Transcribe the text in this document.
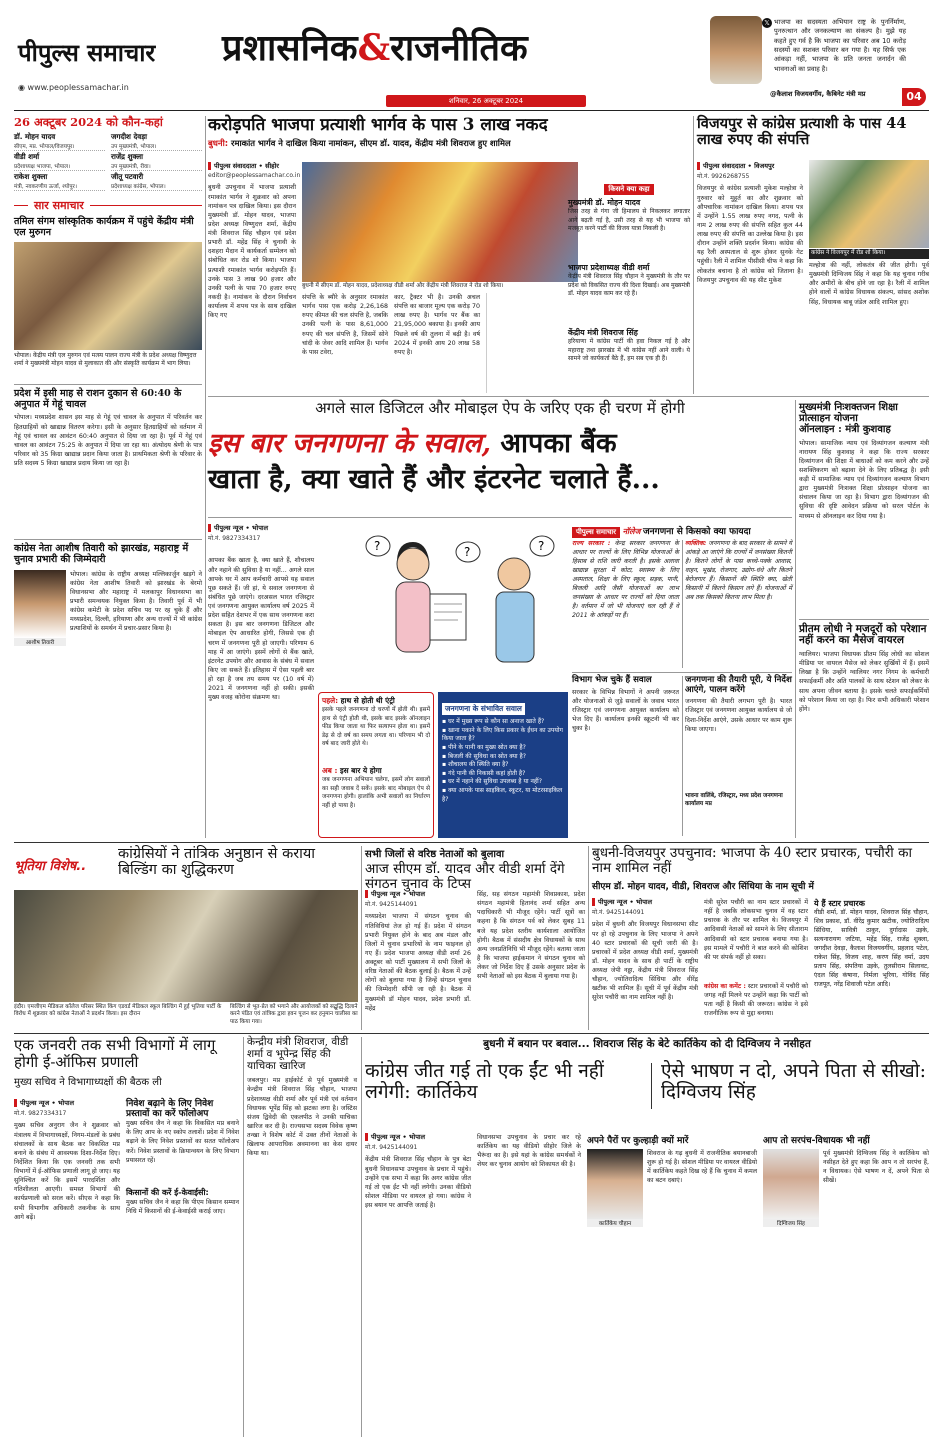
पीपुल्स समाचार
◉ www.peoplessamachar.in
प्रशासनिक&राजनीतिक
शनिवार, 26 अक्टूबर 2024
𝕏 भाजपा का सदस्यता अभियान राष्ट्र के पुनर्निर्माण, पुनरुत्थान और जनकल्याण का संकल्प है। मुझे यह कहते हुए गर्व है कि भाजपा का परिवार अब 10 करोड़ सदस्यों का सशक्त परिवार बन गया है। यह सिर्फ एक आंकड़ा नहीं, भाजपा के प्रति जनता जनार्दन की भावनाओं का प्रवाह है।
@कैलाश विजयवर्गीय, कैबिनेट मंत्री मप्र	04
26 अक्टूबर 2024 को कौन-कहां
डॉ. मोहन यादव
सीएम, मप्र. भोपाल/विजयपुर।
जगदीश देवड़ा
उप मुख्यमंत्री, भोपाल।
वीडी शर्मा
प्रदेशाध्यक्ष भाजपा, भोपाल।
राजेंद्र शुक्ला
उप मुख्यमंत्री, रीवा।
राकेश शुक्ला
मंत्री, नवकरणीय ऊर्जा, श्योपुर।
जीतू पटवारी
प्रदेशाध्यक्ष कांग्रेस, भोपाल।
सार समाचार
तमिल संगम सांस्कृतिक कार्यक्रम में पहुंचे केंद्रीय मंत्री एल मुरुगन
भोपाल। केंद्रीय मंत्री एल मुरुगन एवं मत्स्य पालन राज्य मंत्री के प्रदेश अध्यक्ष विष्णुदत्त शर्मा ने मुख्यमंत्री मोहन यादव से मुलाकात की और संस्कृति कार्यक्रम में भाग लिया।
प्रदेश में इसी माह से राशन दुकान से 60:40 के अनुपात में गेहूं चावल
भोपाल। मध्यप्रदेश शासन इस माह से गेहूं एवं चावल के अनुपात में परिवर्तन कर हितग्राहियों को खाद्यान्न वितरण करेगा। इसी के अनुसार हितग्राहियों को वर्तमान में गेहूं एवं चावल का आवंटन 60:40 अनुपात से दिया जा रहा है। पूर्व में गेहूं एवं चावल का आवंटन 75:25 के अनुपात में दिया जा रहा था। अंत्योदय श्रेणी के पात्र परिवार को 35 किग्रा खाद्यान्न प्रदान किया जाता है। प्राथमिकता श्रेणी के परिवार के प्रति सदस्य 5 किग्रा खाद्यान्न प्रदाय किया जा रहा है।
कांग्रेस नेता आशीष तिवारी को झारखंड, महाराष्ट्र में चुनाव प्रभारी की जिम्मेदारी
आशीष तिवारी
भोपाल। कांग्रेस के राष्ट्रीय अध्यक्ष मल्लिकार्जुन खड़गे ने कांग्रेस नेता आशीष तिवारी को झारखंड के बेरमो विधानसभा और महाराष्ट्र में मलकापुर विधानसभा का प्रभारी समन्वयक नियुक्त किया है। तिवारी पूर्व में भी कांग्रेस कमेटी के प्रदेश सचिव पद पर रह चुके हैं और मध्यप्रदेश, दिल्ली, हरियाणा और अन्य राज्यों में भी कांग्रेस प्रत्याशियों के समर्थन में प्रचार-प्रसार किया है।
करोड़पति भाजपा प्रत्याशी भार्गव के पास 3 लाख नकद
बुधनी: रमाकांत भार्गव ने दाखिल किया नामांकन, सीएम डॉ. यादव, केंद्रीय मंत्री शिवराज हुए शामिल
पीपुल्स संवाददाता • सीहोर
editor@peoplessamachar.co.in
बुधनी उपचुनाव में भाजपा प्रत्याशी रमाकांत भार्गव ने शुक्रवार को अपना नामांकन पत्र दाखिल किया। इस दौरान मुख्यमंत्री डॉ. मोहन यादव, भाजपा प्रदेश अध्यक्ष विष्णुदत्त शर्मा, केंद्रीय मंत्री शिवराज सिंह चौहान एवं प्रदेश प्रभारी डॉ. महेंद्र सिंह ने चुनावी के दशहरा मैदान में कार्यकर्ता सम्मेलन को संबोधित कर रोड शो किया। भाजपा प्रत्याशी रमाकांत भार्गव करोड़पति हैं। उनके पास 3 लाख 90 हजार और उनकी पत्नी के पास 70 हजार रुपए नकदी है। नामांकन के दौरान निर्वाचन कार्यालय में शपथ पत्र के साथ दाखिल किए गए
बुधनी में सीएम डॉ. मोहन यादव, प्रदेशाध्यक्ष वीडी शर्मा और केंद्रीय मंत्री शिवराज ने रोड शो किया।
संपत्ति के ब्यौरे के अनुसार रमाकांत भार्गव पास एक करोड़ 2,26,168 रुपए कीमत की चल संपत्ति है, जबकि उनकी पत्नी के पास 8,61,000 रुपए की चल संपत्ति है, जिसमें सोने चांदी के जेवर आदि शामिल हैं। भार्गव के पास टवेरा,
कार, ट्रैक्टर भी है। उनकी अचल संपत्ति का बाजार मूल्य एक करोड़ 70 लाख रुपए है। भार्गव पर बैंक का 21,95,000 बकाया है। इनकी आय पिछले वर्ष की तुलना में बढ़ी है। वर्ष 2024 में इनकी आय 20 लाख 58 रुपए है।
किसने क्या कहा
मुख्यमंत्री डॉ. मोहन यादव
जिस तरह से गंगा जी हिमालय से निकलकर लगातार आगे बढ़ती गई है, उसी तरह से यह भी भाजपा को मजबूत करने पार्टी की विजय यात्रा निकली है।
भाजपा प्रदेशाध्यक्ष वीडी शर्मा
केंद्रीय मंत्री शिवराज सिंह चौहान ने मुख्यमंत्री के तौर पर प्रदेश को विकसित राज्य की दिशा दिखाई। अब मुख्यमंत्री डॉ. मोहन यादव काम कर रहे हैं।
केंद्रीय मंत्री शिवराज सिंह
हरियाणा में कांग्रेस पार्टी की हवा निकल गई है और महाराष्ट्र तथा झारखंड में भी कांग्रेस नहीं आने वाली। ये सामने जो कार्यकर्ता बैठे हैं, हम सब एक ही हैं।
विजयपुर से कांग्रेस प्रत्याशी के पास 44 लाख रुपए की संपत्ति
पीपुल्स संवाददाता • विजयपुर
मो.नं. 9926268755
विजयपुर से कांग्रेस प्रत्याशी मुकेश मल्होत्रा ने गुरुवार को मुहूर्त का और शुक्रवार को औपचारिक नामांकन दाखिल किया। शपथ पत्र में उन्होंने 1.55 लाख रुपए नगद, पत्नी के नाम 2 लाख रुपए की संपत्ति सहित कुल 44 लाख रुपए की संपत्ति का उल्लेख किया है। इस दौरान उन्होंने शक्ति प्रदर्शन किया। कांग्रेस की यह रैली अस्पताल से शुरू होकर सुनके गेट पहुंची। रैली में शामिल पीसीसी चीफ ने कहा कि लोकतंत्र बचाना है तो कांग्रेस को जिताना है। विजयपुर उपचुनाव की यह सीट मुकेश
कांग्रेस ने विजयपुर में रोड शो किया।
मल्होत्रा की नहीं, लोकतंत्र की जीत होगी। पूर्व मुख्यमंत्री दिग्विजय सिंह ने कहा कि यह चुनाव गरीब और अमीरों के बीच होने जा रहा है। रैली में शामिल होने वालों में कांग्रेस विधायक संकल्प, सांसद अशोक सिंह, विधायक बाबू जंडेल आदि शामिल हुए।
अगले साल डिजिटल और मोबाइल ऐप के जरिए एक ही चरण में होगी
इस बार जनगणना के सवाल, आपका बैंक
खाता है, क्या खाते हैं और इंटरनेट चलाते हैं...
पीपुल्स न्यूज • भोपाल
मो.नं. 9827334317
आपका बैंक खाता है, क्या खाते हैं, शौचालय और नहाने की सुविधा है या नहीं... अगले साल आपके घर में आप कर्मचारी आपसे यह सवाल पूछ सकते हैं। जी हां, ये सवाल जनगणना से संबंधित पूछे जाएंगे। दरअसल भारत रजिस्ट्रार एवं जनगणना आयुक्त कार्यालय वर्ष 2025 में प्रदेश सहित देशभर में एक साथ जनगणना करा सकता है। इस बार जनगणना डिजिटल और मोबाइल ऐप आधारित होगी, जिससे एक ही चरण में जनगणना पूरी हो जाएगी। परिणाम 6 माह में आ जाएंगे। इसमें लोगों से बैंक खाते, इंटरनेट उपयोग और आवास के संबंध में सवाल किए जा सकते हैं। इतिहास में ऐसा पहली बार हो रहा है जब तय समय पर (10 वर्ष में) 2021 में जनगणना नहीं हो सकी। इसकी मुख्य वजह कोरोना संक्रमण था।
?	?	?
पहले: हाथ से होती थी एंट्री
इसके पहले जनगणना दो चरणों में होती थी। इसमें हाथ से एंट्री होती थी, इसके बाद इसके ऑनलाइन फीड किया जाता था फिर सत्यापन होता था। इसमें डेढ़ से दो वर्ष का समय लगता था। परिणाम भी दो वर्ष बाद जारी होते थे।
अब : इस बार ये होगा
जब जनगणना अभियान चलेगा, इसमें लोग सवालों का सही जवाब दें सकें। इसके बाद मोबाइल ऐप से जनगणना होगी। हालांकि अभी सवालों का निर्धारण नहीं हो पाया है।
जनगणना के संभावित सवाल
▪ घर में मुख्य रूप से कौन सा अनाज खाते हैं?
▪ खाना पकाने के लिए किस प्रकार के ईंधन का उपयोग किया जाता है?
▪ पीने के पानी का मुख्य स्रोत क्या है?
▪ बिजली की सुविधा का स्रोत क्या है?
▪ शौचालय की स्थिति क्या है?
▪ गंदे पानी की निकासी कहां होती है?
▪ घर में नहाने की सुविधा उपलब्ध है या नहीं?
▪ क्या आपके पास साइकिल, स्कूटर, या मोटरसाइकिल है?
पीपुल्स समाचार नॉलेज जनगणना से किसको क्या फायदा
राज्य सरकार : केन्द्र सरकार जनगणना के आधार पर राज्यों के लिए विभिन्न योजनाओं के हिसाब से राशि जारी करती है। इसके अलावा खाद्यान्न सुरक्षा में कोटा, स्वास्थ्य के लिए अस्पताल, शिक्षा के लिए स्कूल, सड़क, पानी, बिजली आदि जैसी योजनाओं का लाभ जनसंख्या के आधार पर राज्यों को दिया जाता है। वर्तमान में जो भी योजनाएं चल रही हैं वे 2011 के आंकड़ों पर हैं।
व्यक्तिक: जनगणना के बाद सरकार के सामने ये आंकड़े आ जाएंगे कि राज्यों में जनसंख्या कितनी है। कितने लोगों के पास कच्चे-पक्के आवास, वाहन, भूखंड, रोजगार, उद्योग-धंधे और कितने बेरोजगार हैं। किसानों की स्थिति क्या, खेती किसानी में कितने किसान लगे हैं। योजनाओं में अब तक किसको कितना लाभ मिला है।
विभाग भेज चुके हैं सवाल
सरकार के विभिन्न विभागों ने अपनी जरूरत और योजनाओं से जुड़े सवालों के जवाब भारत रजिस्ट्रार एवं जनगणना आयुक्त कार्यालय को भेज दिए हैं। कार्यालय इनकी स्क्रूटनी भी कर चुका है।
जनगणना की तैयारी पूरी, ये निर्देश आएंगे, पालन करेंगे
जनगणना की तैयारी लगभग पूरी है। भारत रजिस्ट्रार एवं जनगणना आयुक्त कार्यालय से जो दिशा-निर्देश आएंगे, उसके आधार पर काम शुरू किया जाएगा।
भावना वालिंबे, रजिस्ट्रार, मध्य प्रदेश जनगणना कार्यालय मप्र
मुख्यमंत्री निःशक्तजन शिक्षा प्रोत्साहन योजना
ऑनलाइन : मंत्री कुशवाह
भोपाल। सामाजिक न्याय एवं दिव्यांगजन कल्याण मंत्री नारायण सिंह कुशवाह ने कहा कि राज्य सरकार दिव्यांगजन की शिक्षा में बाधाओं को कम करने और उन्हें सशक्तिकरण को बढ़ावा देने के लिए प्रतिबद्ध है। इसी कड़ी में सामाजिक न्याय एवं दिव्यांगजन कल्याण विभाग द्वारा मुख्यमंत्री निःशक्त शिक्षा प्रोत्साहन योजना का संचालन किया जा रहा है। विभाग द्वारा दिव्यांगजन की सुविधा की दृष्टि आवेदन प्रक्रिया को सरल पोर्टल के माध्यम से ऑनलाइन कर दिया गया है।
प्रीतम लोधी ने मजदूरों को परेशान नहीं करने का मैसेज वायरल
ग्वालियर। भाजपा विधायक प्रीतम सिंह लोधी का सोशल मीडिया पर वायरल मैसेज को लेकर सुर्खियों में हैं। इसमें लिखा है कि उन्होंने ग्वालियर नगर निगम के कर्मचारी सफाईकर्मी और अति पालकों के साथ स्टेशन को लेकर के साथ अपना जीवन बताया है। इसके चलते सफाईकर्मियों को परेशान किया जा रहा है। फिर सभी अधिकारी परेशान होंगे।
भूतिया विशेष..
कांग्रेसियों ने तांत्रिक अनुष्ठान से कराया बिल्डिंग का शुद्धिकरण
इंदौर। एमजीएम मेडिकल कॉलेज परिसर स्थित किंग एडवर्ड मेडिकल स्कूल बिल्डिंग में हुई भुतिया पार्टी के विरोध में शुक्रवार को कांग्रेस नेताओं ने प्रदर्शन किया। इस दौरान
बिल्डिंग से भूत-प्रेत को भगाने और आयोजकों को सद्बुद्धि दिलाने करने पंडित एवं तांत्रिक द्वारा हवन पूजन कर हनुमान चालीसा का पाठ किया गया।
सभी जिलों से वरिष्ठ नेताओं को बुलावा
आज सीएम डॉ. यादव और वीडी शर्मा देंगे संगठन चुनाव के टिप्स
पीपुल्स न्यूज • भोपाल
मो.नं. 9425144091
मध्यप्रदेश भाजपा में संगठन चुनाव की गतिविधियां तेज हो गई हैं। प्रदेश में संगठन प्रभारी नियुक्त होने के बाद अब मंडल और जिलों में चुनाव प्रभारियों के नाम फाइनल हो गए हैं। प्रदेश भाजपा अध्यक्ष वीडी शर्मा 26 अक्टूबर को पार्टी मुख्यालय में सभी जिलों के वरिष्ठ नेताओं की बैठक बुलाई है। बैठक में उन्हें लोगों को बुलाया गया है जिन्हें संगठन चुनाव की जिम्मेदारी सौंपी जा रही है। बैठक में मुख्यमंत्री डॉ मोहन यादव, प्रदेश प्रभारी डॉ. महेंद्र
सिंह, सह संगठन महामंत्री शिवप्रकाश, प्रदेश संगठन महामंत्री हितानंद शर्मा सहित अन्य पदाधिकारी भी मौजूद रहेंगे। पार्टी सूत्रों का कहना है कि संगठन पर्व को लेकर सुबह 11 बजे यह प्रदेश स्तरीय कार्यशाला आयोजित होगी। बैठक में संसदीय क्षेत्र विधायकों के साथ अन्य जनप्रतिनिधि भी मौजूद रहेंगे। बताया जाता है कि भाजपा हाईकमान ने संगठन चुनाव को लेकर जो निर्देश दिए हैं उसके अनुसार प्रदेश के सभी नेताओं को इस बैठक में बुलाया गया है।
बुधनी-विजयपुर उपचुनाव: भाजपा के 40 स्टार प्रचारक, पचौरी का नाम शामिल नहीं
सीएम डॉ. मोहन यादव, वीडी, शिवराज और सिंधिया के नाम सूची में
पीपुल्स न्यूज • भोपाल
मो.नं. 9425144091
प्रदेश में बुधनी और विजयपुर विधानसभा सीट पर हो रहे उपचुनाव के लिए भाजपा ने अपने 40 स्टार प्रचारकों की सूची जारी की है। प्रचारकों में प्रदेश अध्यक्ष वीडी शर्मा, मुख्यमंत्री डॉ. मोहन यादव के साथ ही पार्टी के राष्ट्रीय अध्यक्ष जेपी नड्डा, केंद्रीय मंत्री शिवराज सिंह चौहान, ज्योतिरादित्य सिंधिया और वीरेंद्र खटीक भी शामिल हैं। सूची में पूर्व केंद्रीय मंत्री सुरेश पचौरी का नाम शामिल नहीं है।
मंत्री सुरेश पचौरी का नाम स्टार प्रचारकों में नहीं है जबकि लोकसभा चुनाव में वह स्टार प्रचारक के तौर पर शामिल थे। विजयपुर में आदिवासी नेताओं को सामने के लिए सीताराम आदिवासी को स्टार प्रचारक बनाया गया है। इस मामले में पचौरी ने बात करने की कोशिश की पर संपर्क नहीं हो सका।
कांग्रेस का कमेंट : स्टार प्रचारकों में पचौरी को जगह नहीं मिलने पर उन्होंने कहा कि पार्टी को पता नहीं है किसी की जरूरत। कांग्रेस ने इसे राजनीतिक रूप से मुद्दा बनाया।
ये हैं स्टार प्रचारक
वीडी शर्मा, डॉ. मोहन यादव, शिवराज सिंह चौहान, शिव प्रकाश, डॉ. वीरेंद्र कुमार खटीक, ज्योतिरादित्य सिंधिया, सावित्री ठाकुर, दुर्गादास उइके, सत्यनारायण जटिया, महेंद्र सिंह, राजेंद्र शुक्ला, जगदीश देवड़ा, कैलाश विजयवर्गीय, प्रहलाद पटेल, राकेश सिंह, विजय शाह, करण सिंह वर्मा, उदय प्रताप सिंह, संपतिया उइके, तुलसीराम सिलावट, एंदल सिंह कंषाना, निर्मला भूरिया, गोविंद सिंह राजपूत, नरेंद्र शिवाजी पटेल आदि।
एक जनवरी तक सभी विभागों में लागू होगी ई-ऑफिस प्रणाली
मुख्य सचिव ने विभागाध्यक्षों की बैठक ली
पीपुल्स न्यूज • भोपाल
मो.नं. 9827334317
मुख्य सचिव अनुराग जैन ने शुक्रवार को मंत्रालय में विभागाध्यक्षों, निगम-मंडलों के प्रबंध संचालकों के साथ बैठक कर विकसित मप्र बनाने के संबंध में आवश्यक दिशा-निर्देश दिए। निर्देशित किया कि एक जनवरी तक सभी विभागों में ई-ऑफिस प्रणाली लागू हो जाए। यह सुनिश्चित करें कि इसमें पारदर्शिता और गतिशीलता आएगी। समस्त विभागों की कार्यप्रणाली को सरल करें। सीएस ने कहा कि सभी विभागीय अधिकारी तकनीक के साथ आगे बढ़ें।
निवेश बढ़ाने के लिए निवेश प्रस्तावों का करें फॉलोअप
मुख्य सचिव जैन ने कहा कि विकसित मप्र बनाने के लिए आप के नए स्कोप तलाशें। प्रदेश में निवेश बढ़ाने के लिए निवेश प्रस्तावों का सतत फॉलोअप करें। निवेश प्रस्तावों के क्रियान्वयन के लिए विभाग प्रयासरत रहें।
किसानों की करें ई-केवाईसी:
मुख्य सचिव जैन ने कहा कि पीएम किसान सम्मान निधि में किसानों की ई-केवाईसी कराई जाए।
केन्द्रीय मंत्री शिवराज, वीडी शर्मा व भूपेन्द्र सिंह की याचिका खारिज
जबलपुर। मप्र हाईकोर्ट से पूर्व मुख्यमंत्री व केन्द्रीय मंत्री शिवराज सिंह चौहान, भाजपा प्रदेशाध्यक्ष वीडी शर्मा और पूर्व मंत्री एवं वर्तमान विधायक भूपेंद्र सिंह को झटका लगा है। जस्टिस संजय द्विवेदी की एकलपीठ ने उनकी याचिका खारिज कर दी है। राज्यसभा सदस्य विवेक कृष्ण तन्खा ने विशेष कोर्ट में उक्त तीनों नेताओं के खिलाफ आपराधिक अवमानना का केस दायर किया था।
बुधनी में बयान पर बवाल... शिवराज सिंह के बेटे कार्तिकेय को दी दिग्विजय ने नसीहत
कांग्रेस जीत गई तो एक ईंट भी नहीं लगेगी: कार्तिकेय
ऐसे भाषण न दो, अपने पिता से सीखो: दिग्विजय सिंह
पीपुल्स न्यूज • भोपाल
मो.नं. 9425144091
केंद्रीय मंत्री शिवराज सिंह चौहान के पुत्र बेटा बुधनी विधानसभा उपचुनाव के प्रचार में पहुंचे। उन्होंने एक सभा में कहा कि अगर कांग्रेस जीत गई तो एक ईंट भी नहीं लगेगी। उनका वीडियो सोशल मीडिया पर वायरल हो गया। कांग्रेस ने इस बयान पर आपत्ति जताई है।
विधानसभा उपचुनाव के प्रचार कर रहे कार्तिकेय का यह वीडियो सीहोर जिले के भैरूंदा का है। इसे यहां के कांग्रेस समर्थकों ने शेयर कर चुनाव आयोग को शिकायत की है।
अपने पैरों पर कुल्हाड़ी क्यों मारें
कार्तिकेय चौहान
शिवराज के गढ़ बुधनी में राजनीतिक बयानबाजी शुरू हो गई है। सोशल मीडिया पर वायरल वीडियो में कार्तिकेय कहते दिख रहे हैं कि चुनाव में कमल का बटन दबाएं।
आप तो सरपंच-विधायक भी नहीं
दिग्विजय सिंह
पूर्व मुख्यमंत्री दिग्विजय सिंह ने कार्तिकेय को नसीहत देते हुए कहा कि आप न तो सरपंच हैं, न विधायक। ऐसे भाषण न दें, अपने पिता से सीखें।
